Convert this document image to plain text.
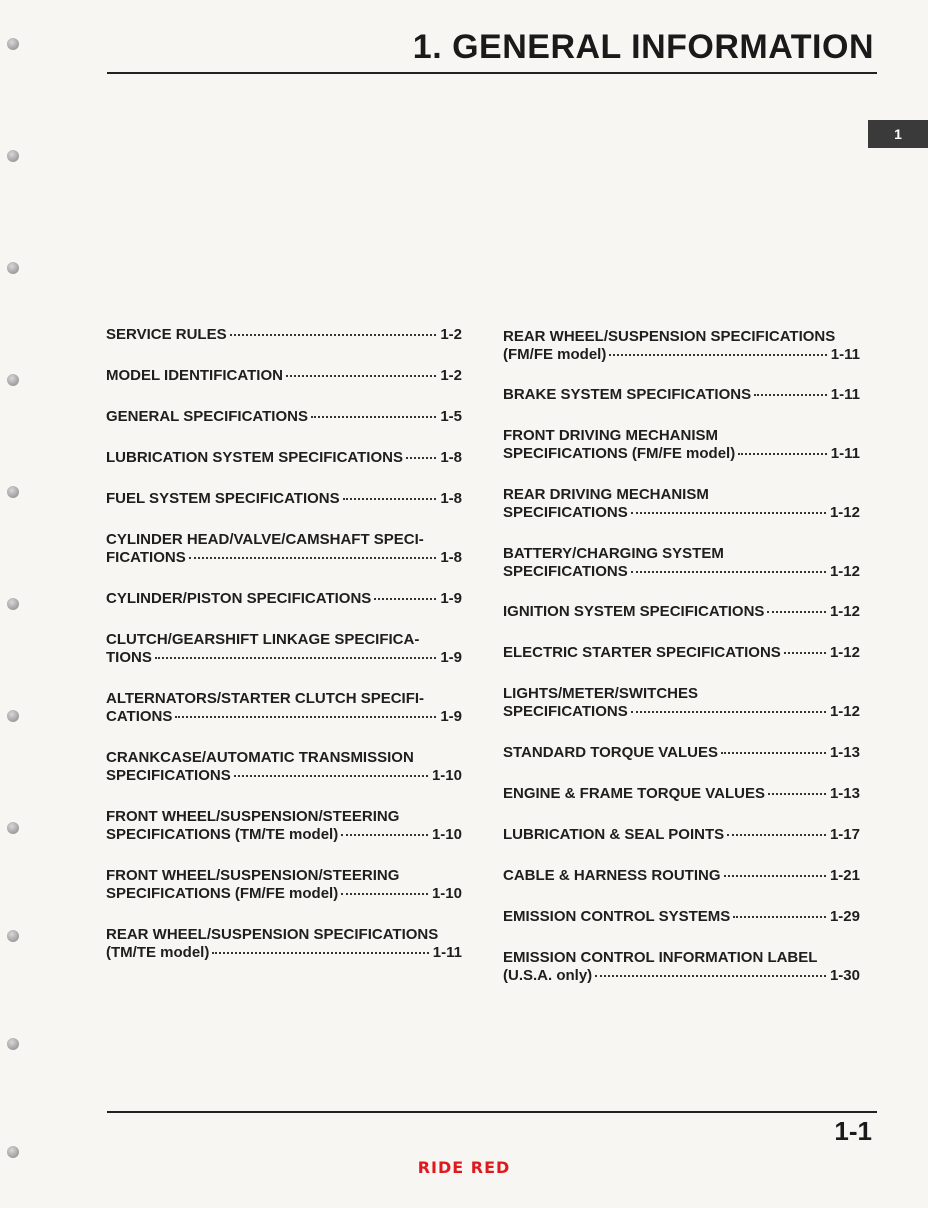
1. GENERAL INFORMATION
1
SERVICE RULES	1-2
MODEL IDENTIFICATION	1-2
GENERAL SPECIFICATIONS	1-5
LUBRICATION SYSTEM SPECIFICATIONS 1-8
FUEL SYSTEM SPECIFICATIONS	1-8
CYLINDER HEAD/VALVE/CAMSHAFT SPECI-
FICATIONS	1-8
CYLINDER/PISTON SPECIFICATIONS	1-9
CLUTCH/GEARSHIFT LINKAGE SPECIFICA-
TIONS	1-9
ALTERNATORS/STARTER CLUTCH SPECIFI-
CATIONS	1-9
CRANKCASE/AUTOMATIC TRANSMISSION
SPECIFICATIONS	1-10
FRONT WHEEL/SUSPENSION/STEERING
SPECIFICATIONS (TM/TE model)	1-10
FRONT WHEEL/SUSPENSION/STEERING
SPECIFICATIONS (FM/FE model)	1-10
REAR WHEEL/SUSPENSION SPECIFICATIONS
(TM/TE model)	1-11
REAR WHEEL/SUSPENSION SPECIFICATIONS
(FM/FE model)	1-11
BRAKE SYSTEM SPECIFICATIONS	1-11
FRONT DRIVING MECHANISM
SPECIFICATIONS (FM/FE model)	1-11
REAR DRIVING MECHANISM
SPECIFICATIONS	1-12
BATTERY/CHARGING SYSTEM
SPECIFICATIONS	1-12
IGNITION SYSTEM SPECIFICATIONS	1-12
ELECTRIC STARTER SPECIFICATIONS	1-12
LIGHTS/METER/SWITCHES
SPECIFICATIONS	1-12
STANDARD TORQUE VALUES	1-13
ENGINE & FRAME TORQUE VALUES	1-13
LUBRICATION & SEAL POINTS	1-17
CABLE & HARNESS ROUTING	1-21
EMISSION CONTROL SYSTEMS	1-29
EMISSION CONTROL INFORMATION LABEL
(U.S.A. only)	1-30
1-1
RIDE RED
